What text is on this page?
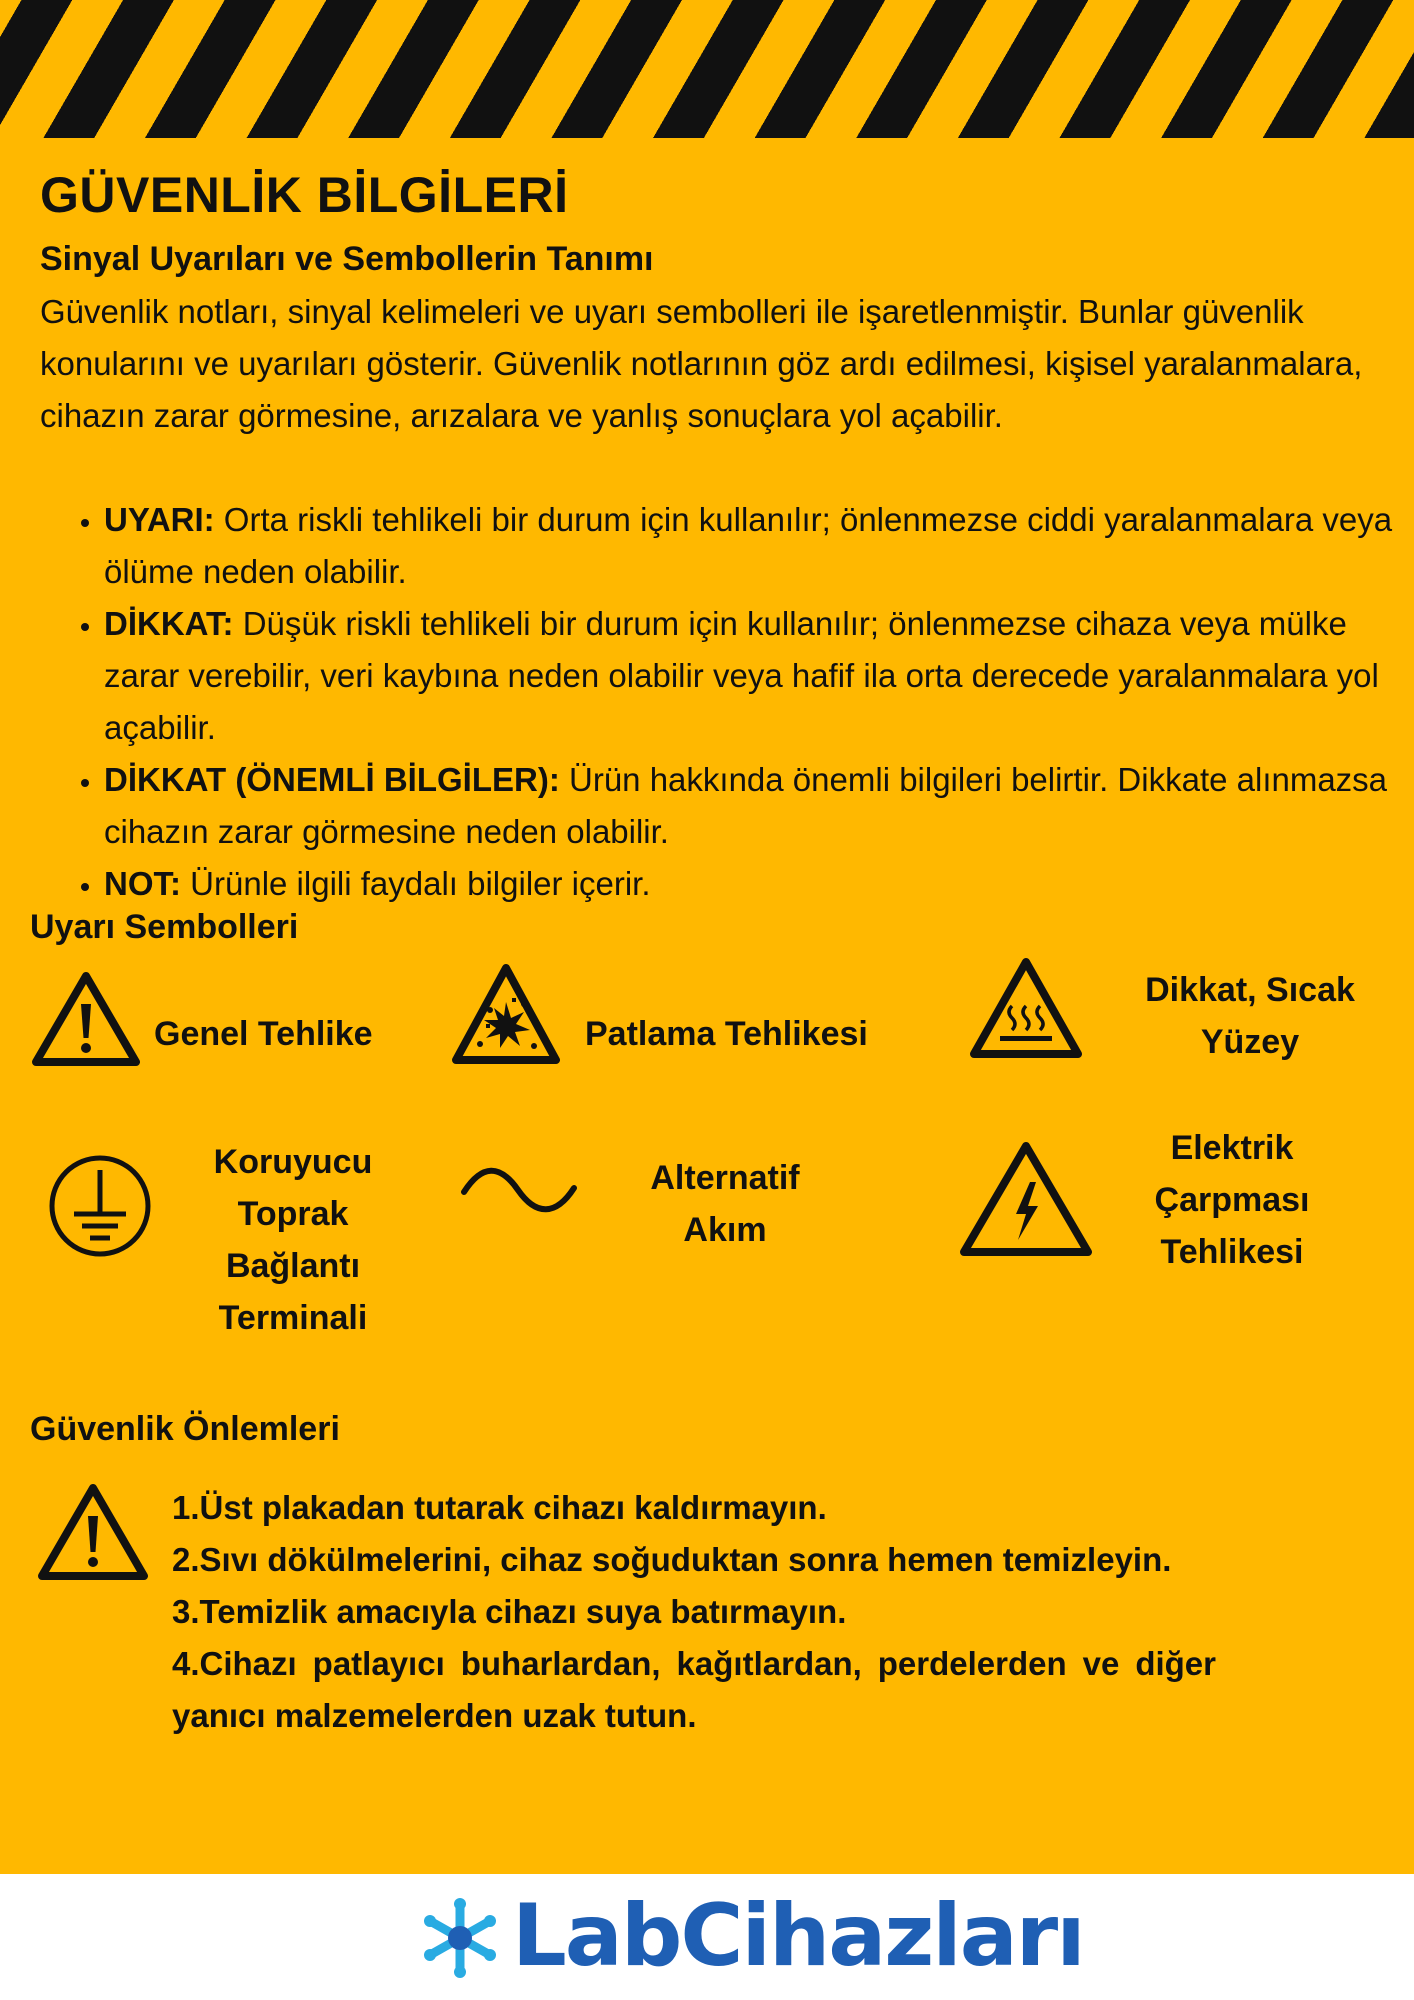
GÜVENLİK BİLGİLERİ
Sinyal Uyarıları ve Sembollerin Tanımı

Güvenlik notları, sinyal kelimeleri ve uyarı sembolleri ile işaretlenmiştir. Bunlar güvenlik konularını ve uyarıları gösterir. Güvenlik notlarının göz ardı edilmesi, kişisel yaralanmalara, cihazın zarar görmesine, arızalara ve yanlış sonuçlara yol açabilir.

• UYARI: Orta riskli tehlikeli bir durum için kullanılır; önlenmezse ciddi yaralanmalara veya ölüme neden olabilir.
• DİKKAT: Düşük riskli tehlikeli bir durum için kullanılır; önlenmezse cihaza veya mülke zarar verebilir, veri kaybına neden olabilir veya hafif ila orta derecede yaralanmalara yol açabilir.
• DİKKAT (ÖNEMLİ BİLGİLER): Ürün hakkında önemli bilgileri belirtir. Dikkate alınmazsa cihazın zarar görmesine neden olabilir.
• NOT: Ürünle ilgili faydalı bilgiler içerir.
Uyarı Sembolleri
Genel Tehlike	Patlama Tehlikesi
Dikkat, Sıcak
Yüzey
Koruyucu
Toprak
Bağlantı
Terminali
Alternatif
Akım
Elektrik
Çarpması
Tehlikesi
Güvenlik Önlemleri
1.Üst plakadan tutarak cihazı kaldırmayın.
2.Sıvı dökülmelerini, cihaz soğuduktan sonra hemen temizleyin.
3.Temizlik amacıyla cihazı suya batırmayın.
4.Cihazı patlayıcı buharlardan, kağıtlardan, perdelerden ve diğer yanıcı malzemelerden uzak tutun.
LabCihazları
